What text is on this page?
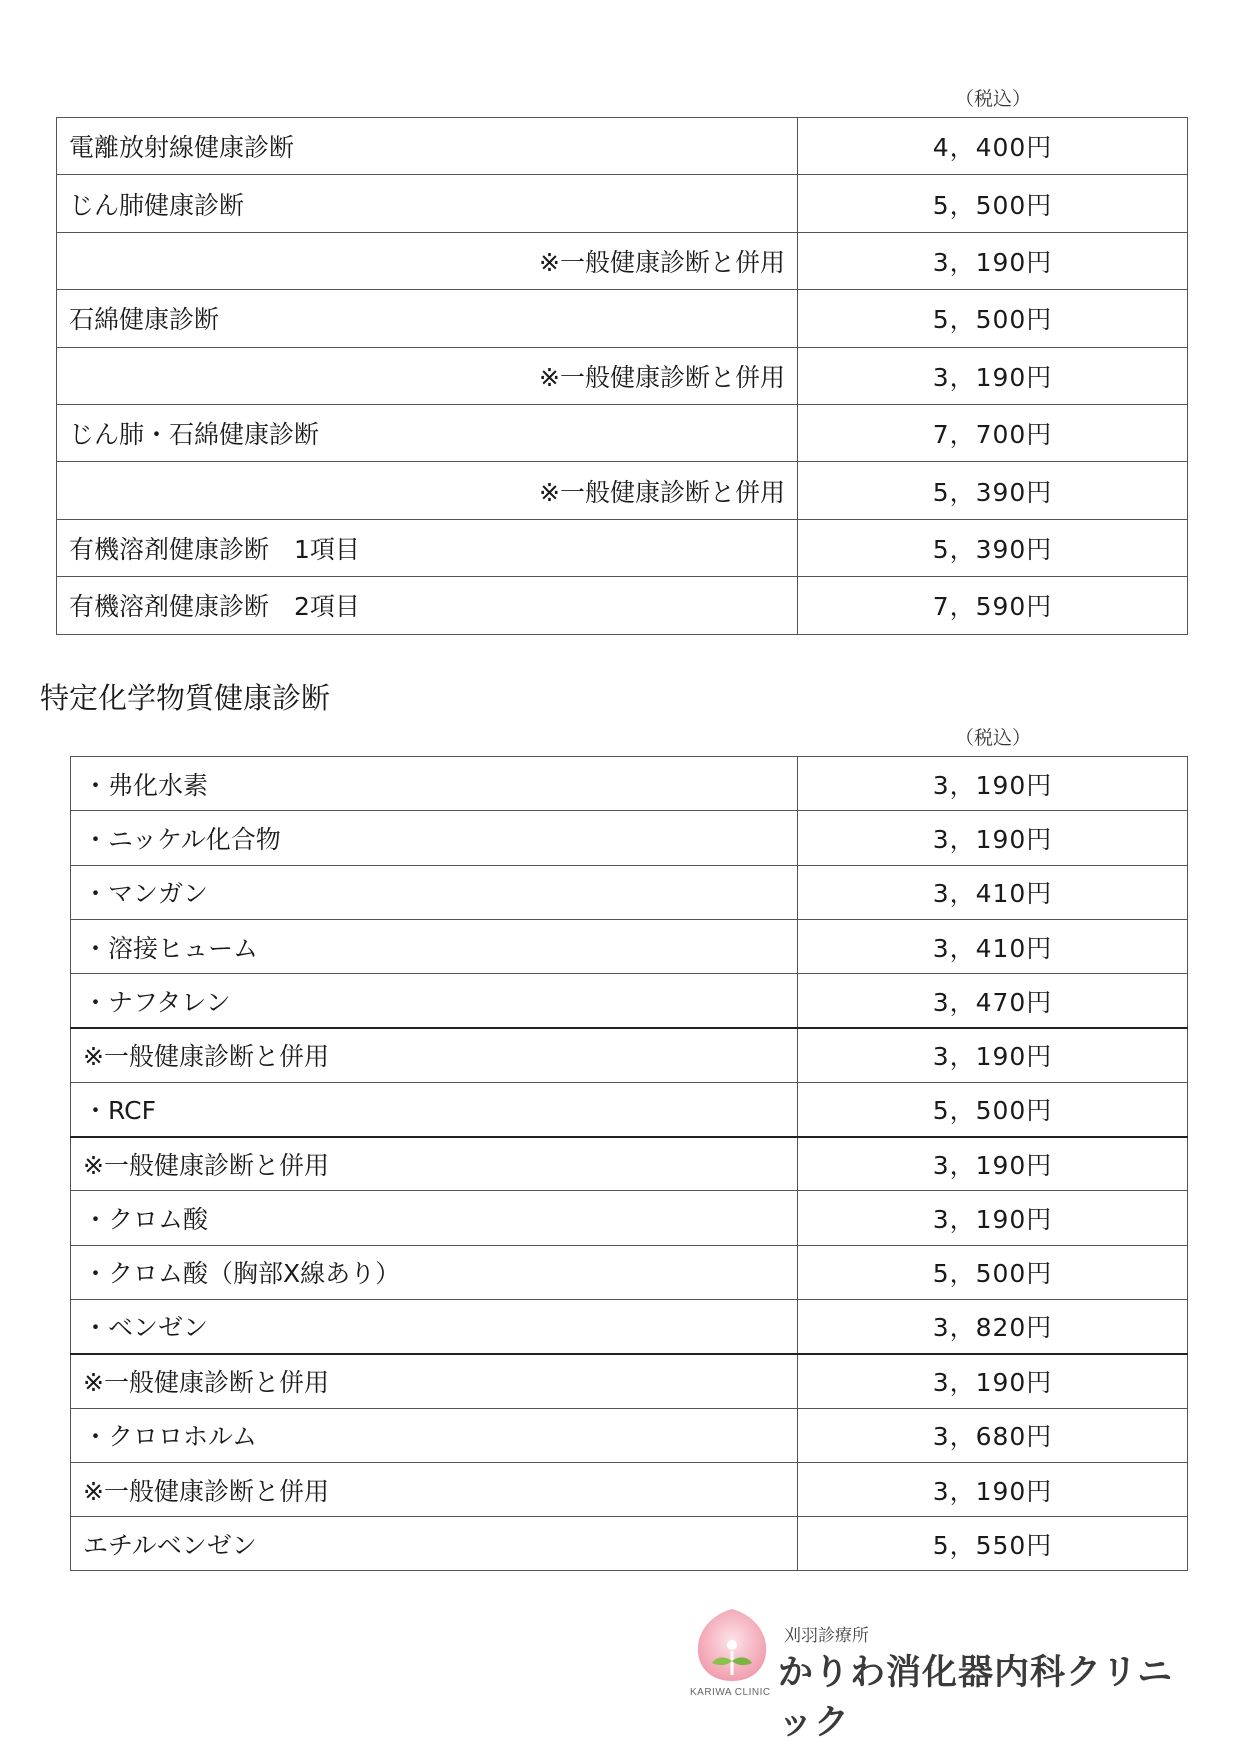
（税込）
電離放射線健康診断	4，400円
じん肺健康診断	5，500円
※一般健康診断と併用	3，190円
石綿健康診断	5，500円
※一般健康診断と併用	3，190円
じん肺・石綿健康診断	7，700円
※一般健康診断と併用	5，390円
有機溶剤健康診断　1項目	5，390円
有機溶剤健康診断　2項目	7，590円
特定化学物質健康診断
（税込）
・弗化水素	3，190円
・ニッケル化合物	3，190円
・マンガン	3，410円
・溶接ヒューム	3，410円
・ナフタレン	3，470円
※一般健康診断と併用	3，190円
・RCF	5，500円
※一般健康診断と併用	3，190円
・クロム酸	3，190円
・クロム酸（胸部X線あり）	5，500円
・ベンゼン	3，820円
※一般健康診断と併用	3，190円
・クロロホルム	3，680円
※一般健康診断と併用	3，190円
エチルベンゼン	5，550円
KARIWA CLINIC
刈羽診療所
かりわ消化器内科クリニック
